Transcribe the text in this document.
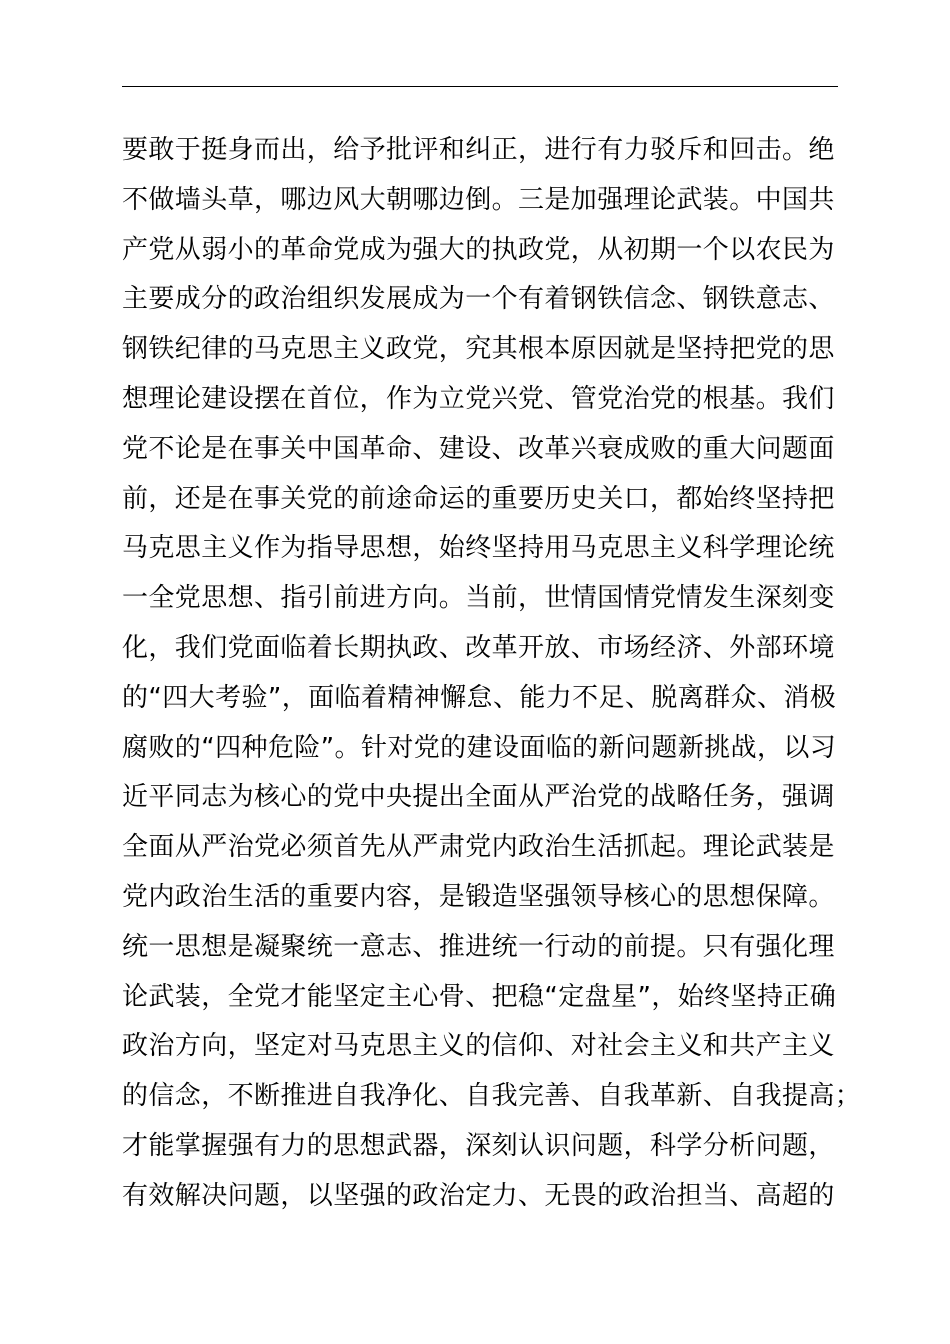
要敢于挺身而出，给予批评和纠正，进行有力驳斥和回击。绝
不做墙头草，哪边风大朝哪边倒。三是加强理论武装。中国共
产党从弱小的革命党成为强大的执政党，从初期一个以农民为
主要成分的政治组织发展成为一个有着钢铁信念、钢铁意志、
钢铁纪律的马克思主义政党，究其根本原因就是坚持把党的思
想理论建设摆在首位，作为立党兴党、管党治党的根基。我们
党不论是在事关中国革命、建设、改革兴衰成败的重大问题面
前，还是在事关党的前途命运的重要历史关口，都始终坚持把
马克思主义作为指导思想，始终坚持用马克思主义科学理论统
一全党思想、指引前进方向。当前，世情国情党情发生深刻变
化，我们党面临着长期执政、改革开放、市场经济、外部环境
的“四大考验”，面临着精神懈怠、能力不足、脱离群众、消极
腐败的“四种危险”。针对党的建设面临的新问题新挑战，以习
近平同志为核心的党中央提出全面从严治党的战略任务，强调
全面从严治党必须首先从严肃党内政治生活抓起。理论武装是
党内政治生活的重要内容，是锻造坚强领导核心的思想保障。
统一思想是凝聚统一意志、推进统一行动的前提。只有强化理
论武装，全党才能坚定主心骨、把稳“定盘星”，始终坚持正确
政治方向，坚定对马克思主义的信仰、对社会主义和共产主义
的信念，不断推进自我净化、自我完善、自我革新、自我提高；
才能掌握强有力的思想武器，深刻认识问题，科学分析问题，
有效解决问题，以坚强的政治定力、无畏的政治担当、高超的
